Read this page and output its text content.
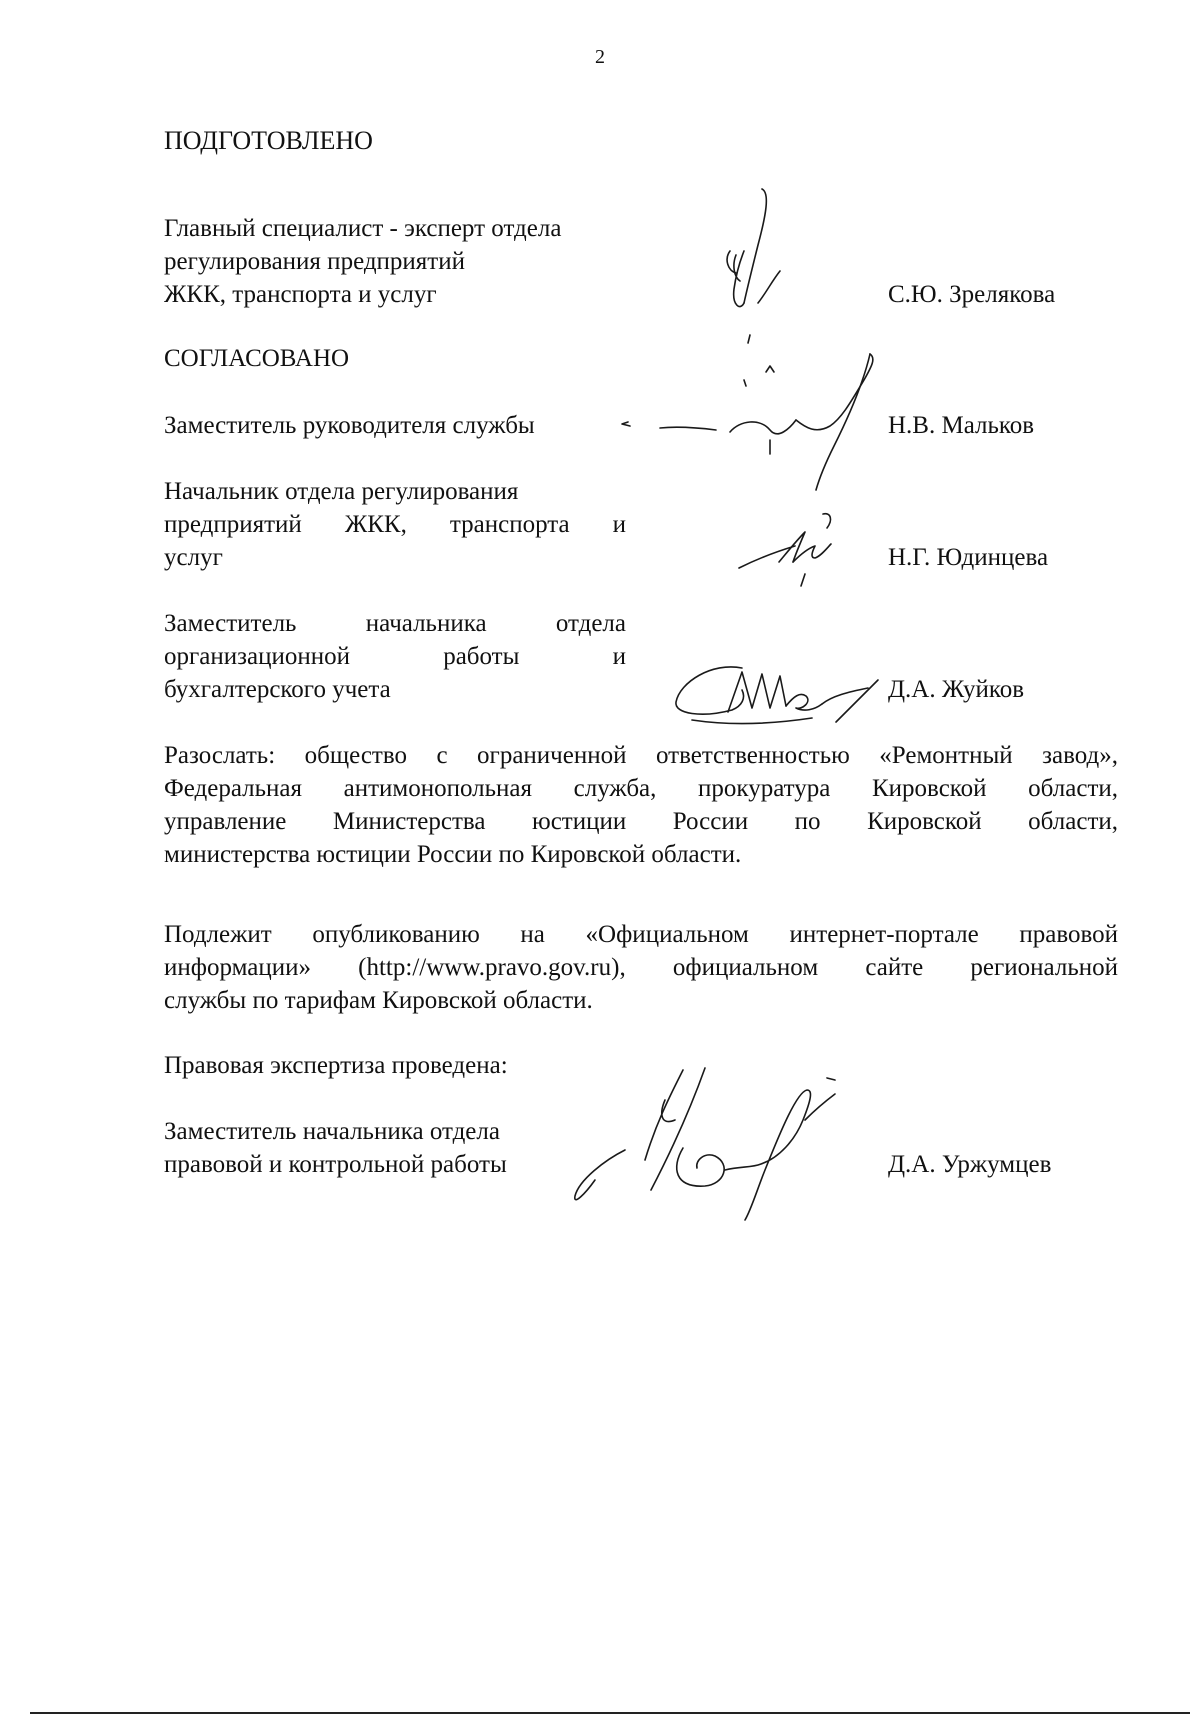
2
ПОДГОТОВЛЕНО
Главный специалист - эксперт отдела
регулирования предприятий
ЖКК, транспорта и услуг	С.Ю. Зрелякова
СОГЛАСОВАНО
Заместитель руководителя службы	Н.В. Мальков
Начальник отдела регулирования
предприятий ЖКК, транспорта и
услуг	Н.Г. Юдинцева
Заместитель начальника отдела
организационной работы и
бухгалтерского учета	Д.А. Жуйков
Разослать: общество с ограниченной ответственностью «Ремонтный завод»,
Федеральная антимонопольная служба, прокуратура Кировской области,
управление Министерства юстиции России по Кировской области,
министерства юстиции России по Кировской области.
Подлежит опубликованию на «Официальном интернет-портале правовой
информации» (http://www.pravo.gov.ru), официальном сайте региональной
службы по тарифам Кировской области.
Правовая экспертиза проведена:
Заместитель начальника отдела
правовой и контрольной работы	Д.А. Уржумцев
